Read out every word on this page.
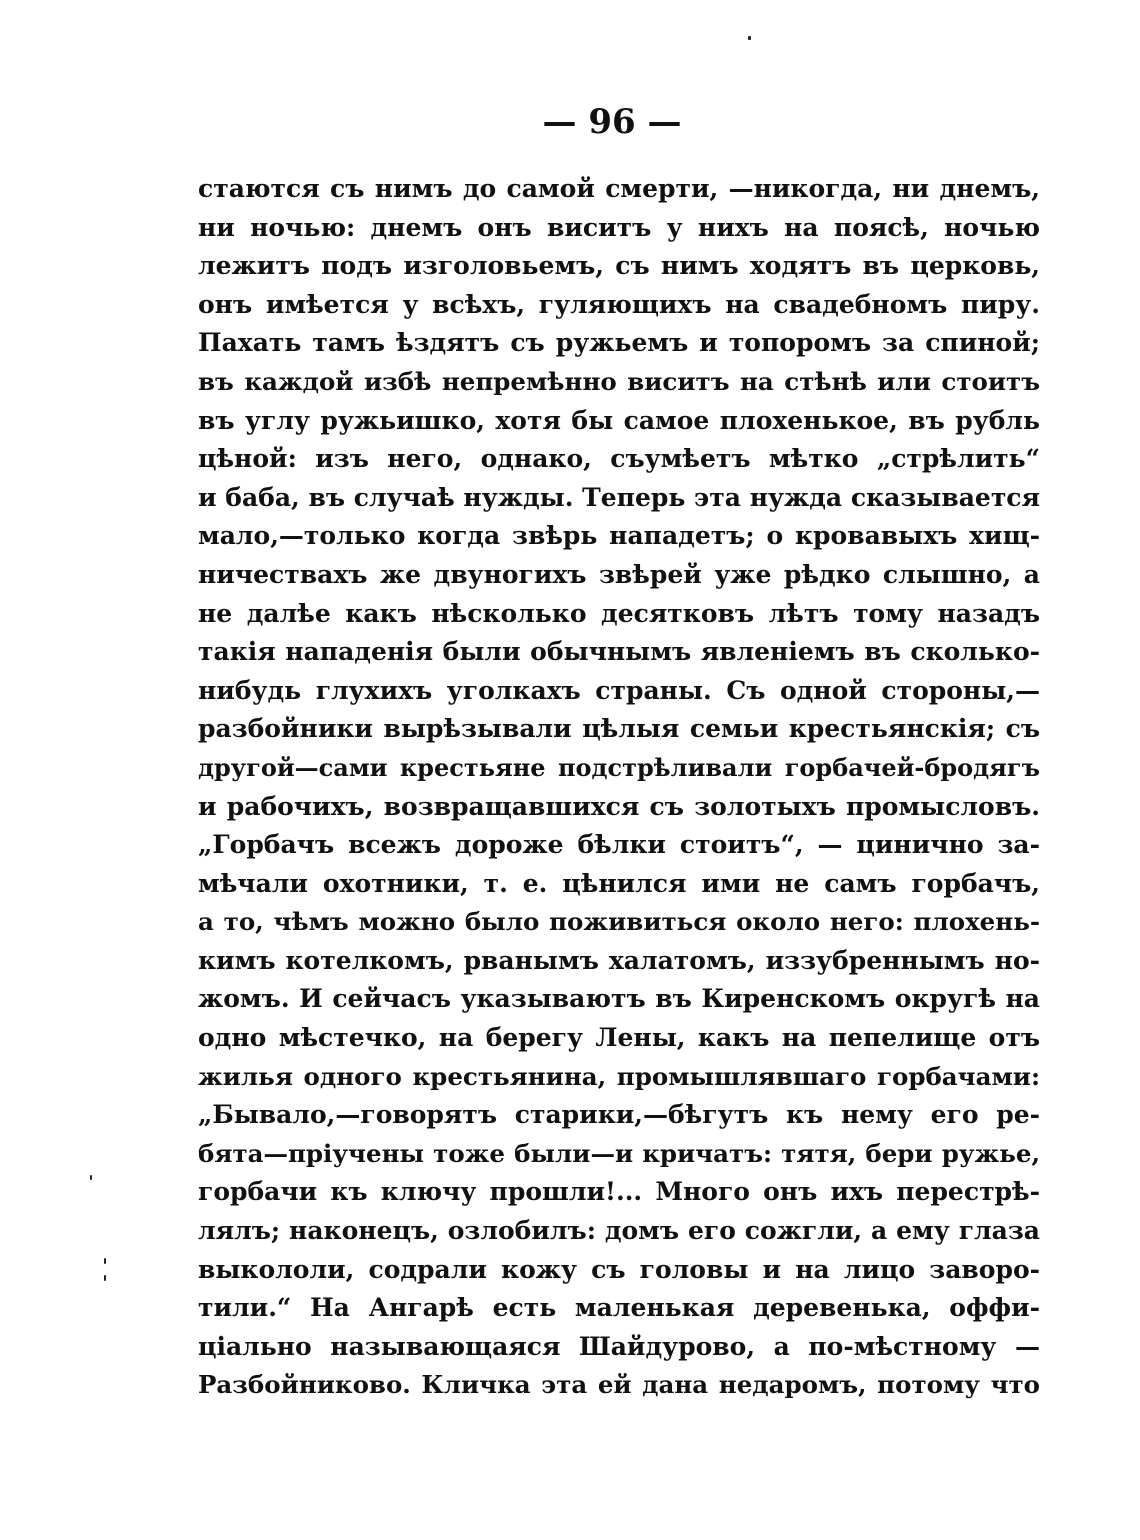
— 96 —
стаются съ нимъ до самой смерти, —никогда, ни днемъ,
ни ночью: днемъ онъ виситъ у нихъ на поясѣ, ночью
лежитъ подъ изголовьемъ, съ нимъ ходятъ въ церковь,
онъ имѣется у всѣхъ, гуляющихъ на свадебномъ пиру.
Пахать тамъ ѣздятъ съ ружьемъ и топоромъ за спиной;
въ каждой избѣ непремѣнно виситъ на стѣнѣ или стоитъ
въ углу ружьишко, хотя бы самое плохенькое, въ рубль
цѣной: изъ него, однако, съумѣетъ мѣтко „стрѣлить“
и баба, въ случаѣ нужды. Теперь эта нужда сказывается
мало,—только когда звѣрь нападетъ; о кровавыхъ хищ-
ничествахъ же двуногихъ звѣрей уже рѣдко слышно, а
не далѣе какъ нѣсколько десятковъ лѣтъ тому назадъ
такія нападенія были обычнымъ явленіемъ въ сколько-
нибудь глухихъ уголкахъ страны. Съ одной стороны,—
разбойники вырѣзывали цѣлыя семьи крестьянскія; съ
другой—сами крестьяне подстрѣливали горбачей-бродягъ
и рабочихъ, возвращавшихся съ золотыхъ промысловъ.
„Горбачъ всежъ дороже бѣлки стоитъ“, — цинично за-
мѣчали охотники, т. е. цѣнился ими не самъ горбачъ,
а то, чѣмъ можно было поживиться около него: плохень-
кимъ котелкомъ, рванымъ халатомъ, иззубреннымъ но-
жомъ. И сейчасъ указываютъ въ Киренскомъ округѣ на
одно мѣстечко, на берегу Лены, какъ на пепелище отъ
жилья одного крестьянина, промышлявшаго горбачами:
„Бывало,—говорятъ старики,—бѣгутъ къ нему его ре-
бята—пріучены тоже были—и кричатъ: тятя, бери ружье,
горбачи къ ключу прошли!... Много онъ ихъ перестрѣ-
лялъ; наконецъ, озлобилъ: домъ его сожгли, а ему глаза
выкололи, содрали кожу съ головы и на лицо заворо-
тили.“ На Ангарѣ есть маленькая деревенька, оффи-
ціально называющаяся Шайдурово, а по-мѣстному —
Разбойниково. Кличка эта ей дана недаромъ, потому что
